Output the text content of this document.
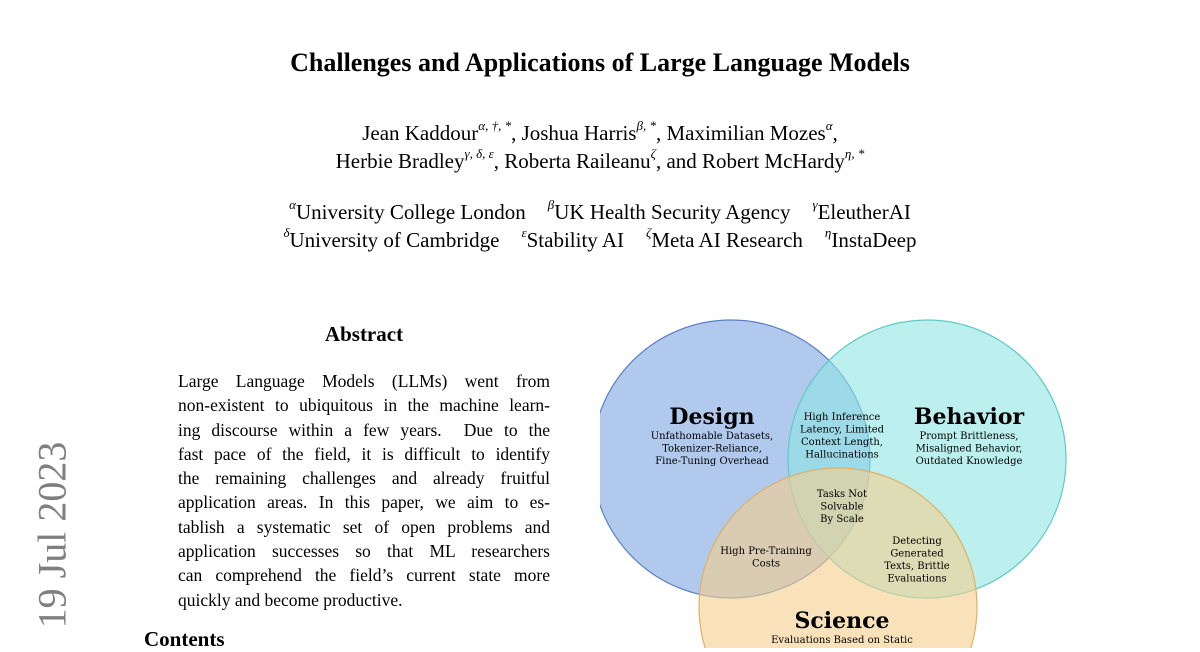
Challenges and Applications of Large Language Models
Jean Kaddour$^{\alpha, \dagger, *}$, Joshua Harris$^{\beta, *}$, Maximilian Mozes$^\alpha$,
Herbie Bradley$^{\gamma, \delta, \varepsilon}$, Roberta Raileanu$^\zeta$, and Robert McHardy$^{\eta, *}$
$^\alpha$University College London $^\beta$UK Health Security Agency $^\gamma$EleutherAI
$^\delta$University of Cambridge $^\varepsilon$Stability AI $^\zeta$Meta AI Research $^\eta$InstaDeep
19 Jul 2023
Abstract
Large Language Models (LLMs) went from
non-existent to ubiquitous in the machine learn-
ing discourse within a few years.  Due to the
fast pace of the field, it is difficult to identify
the remaining challenges and already fruitful
application areas. In this paper, we aim to es-
tablish a systematic set of open problems and
application successes so that ML researchers
can comprehend the field’s current state more
quickly and become productive.
Contents
Design
Unfathomable Datasets, Tokenizer-Reliance, Fine-Tuning Overhead
Behavior
Prompt Brittleness, Misaligned Behavior, Outdated Knowledge
High Inference Latency, Limited Context Length, Hallucinations
Tasks Not Solvable By Scale
High Pre-Training Costs
Detecting Generated Texts, Brittle Evaluations
Science
Evaluations Based on Static
